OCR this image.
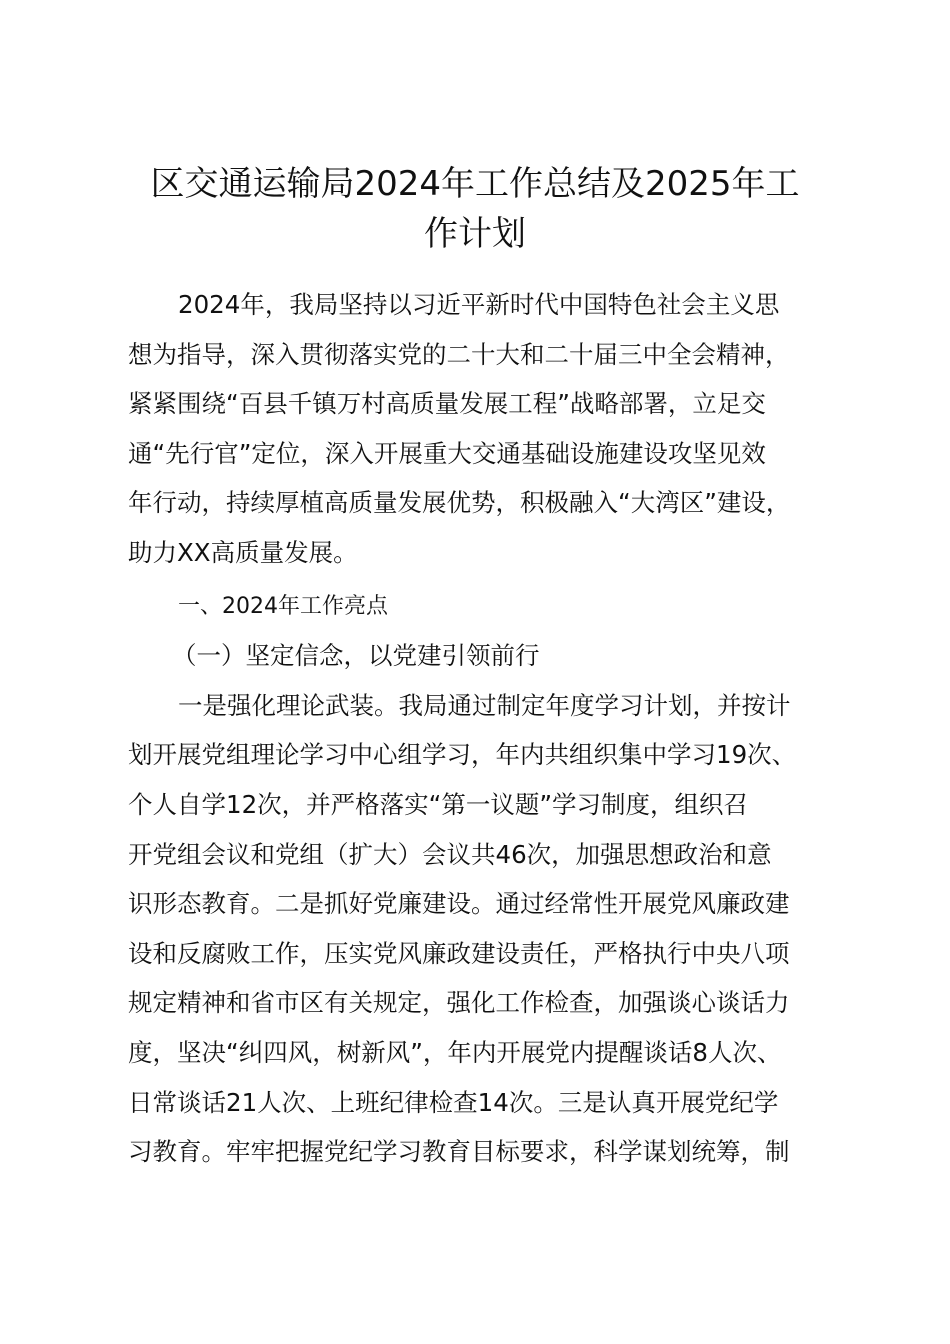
区交通运输局2024年工作总结及2025年工
作计划
2024年，我局坚持以习近平新时代中国特色社会主义思
想为指导，深入贯彻落实党的二十大和二十届三中全会精神，
紧紧围绕“百县千镇万村高质量发展工程”战略部署，立足交
通“先行官”定位，深入开展重大交通基础设施建设攻坚见效
年行动，持续厚植高质量发展优势，积极融入“大湾区”建设，
助力XX高质量发展。
一、2024年工作亮点
（一）坚定信念，以党建引领前行
一是强化理论武装。我局通过制定年度学习计划，并按计
划开展党组理论学习中心组学习，年内共组织集中学习19次、
个人自学12次，并严格落实“第一议题”学习制度，组织召
开党组会议和党组（扩大）会议共46次，加强思想政治和意
识形态教育。二是抓好党廉建设。通过经常性开展党风廉政建
设和反腐败工作，压实党风廉政建设责任，严格执行中央八项
规定精神和省市区有关规定，强化工作检查，加强谈心谈话力
度，坚决“纠四风，树新风”，年内开展党内提醒谈话8人次、
日常谈话21人次、上班纪律检查14次。三是认真开展党纪学
习教育。牢牢把握党纪学习教育目标要求，科学谋划统筹，制
